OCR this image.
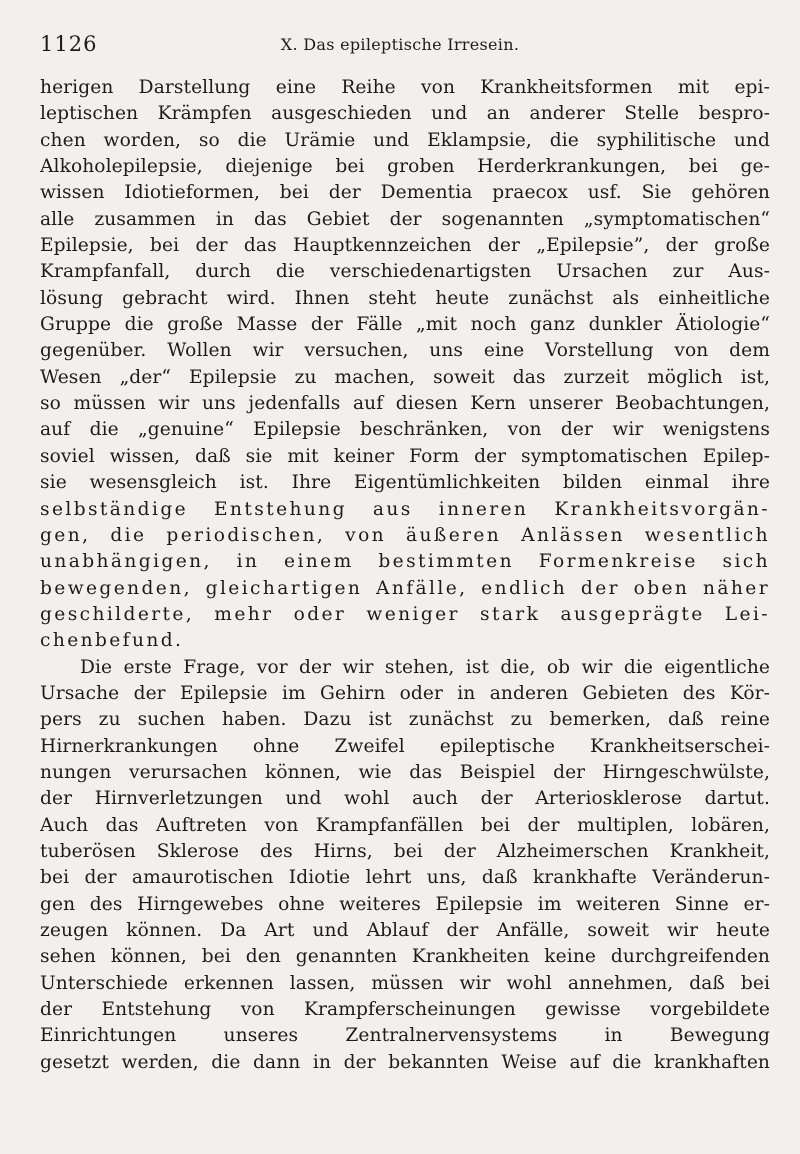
1126	X. Das epileptische Irresein.
herigen Darstellung eine Reihe von Krankheitsformen mit epi-
leptischen Krämpfen ausgeschieden und an anderer Stelle bespro-
chen worden, so die Urämie und Eklampsie, die syphilitische und
Alkoholepilepsie, diejenige bei groben Herderkrankungen, bei ge-
wissen Idiotieformen, bei der Dementia praecox usf. Sie gehören
alle zusammen in das Gebiet der sogenannten „symptomatischen“
Epilepsie, bei der das Hauptkennzeichen der „Epilepsie”, der große
Krampfanfall, durch die verschiedenartigsten Ursachen zur Aus-
lösung gebracht wird. Ihnen steht heute zunächst als einheitliche
Gruppe die große Masse der Fälle „mit noch ganz dunkler Ätiologie“
gegenüber. Wollen wir versuchen, uns eine Vorstellung von dem
Wesen „der“ Epilepsie zu machen, soweit das zurzeit möglich ist,
so müssen wir uns jedenfalls auf diesen Kern unserer Beobachtungen,
auf die „genuine“ Epilepsie beschränken, von der wir wenigstens
soviel wissen, daß sie mit keiner Form der symptomatischen Epilep-
sie wesensgleich ist. Ihre Eigentümlichkeiten bilden einmal ihre
selbständige Entstehung aus inneren Krankheitsvorgän-
gen, die periodischen, von äußeren Anlässen wesentlich
unabhängigen, in einem bestimmten Formenkreise sich
bewegenden, gleichartigen Anfälle, endlich der oben näher
geschilderte, mehr oder weniger stark ausgeprägte Lei-
chenbefund.
Die erste Frage, vor der wir stehen, ist die, ob wir die eigentliche
Ursache der Epilepsie im Gehirn oder in anderen Gebieten des Kör-
pers zu suchen haben. Dazu ist zunächst zu bemerken, daß reine
Hirnerkrankungen ohne Zweifel epileptische Krankheitserschei-
nungen verursachen können, wie das Beispiel der Hirngeschwülste,
der Hirnverletzungen und wohl auch der Arteriosklerose dartut.
Auch das Auftreten von Krampfanfällen bei der multiplen, lobären,
tuberösen Sklerose des Hirns, bei der Alzheimerschen Krankheit,
bei der amaurotischen Idiotie lehrt uns, daß krankhafte Veränderun-
gen des Hirngewebes ohne weiteres Epilepsie im weiteren Sinne er-
zeugen können. Da Art und Ablauf der Anfälle, soweit wir heute
sehen können, bei den genannten Krankheiten keine durchgreifenden
Unterschiede erkennen lassen, müssen wir wohl annehmen, daß bei
der Entstehung von Krampferscheinungen gewisse vorgebildete
Einrichtungen unseres Zentralnervensystems in Bewegung
gesetzt werden, die dann in der bekannten Weise auf die krankhaften
